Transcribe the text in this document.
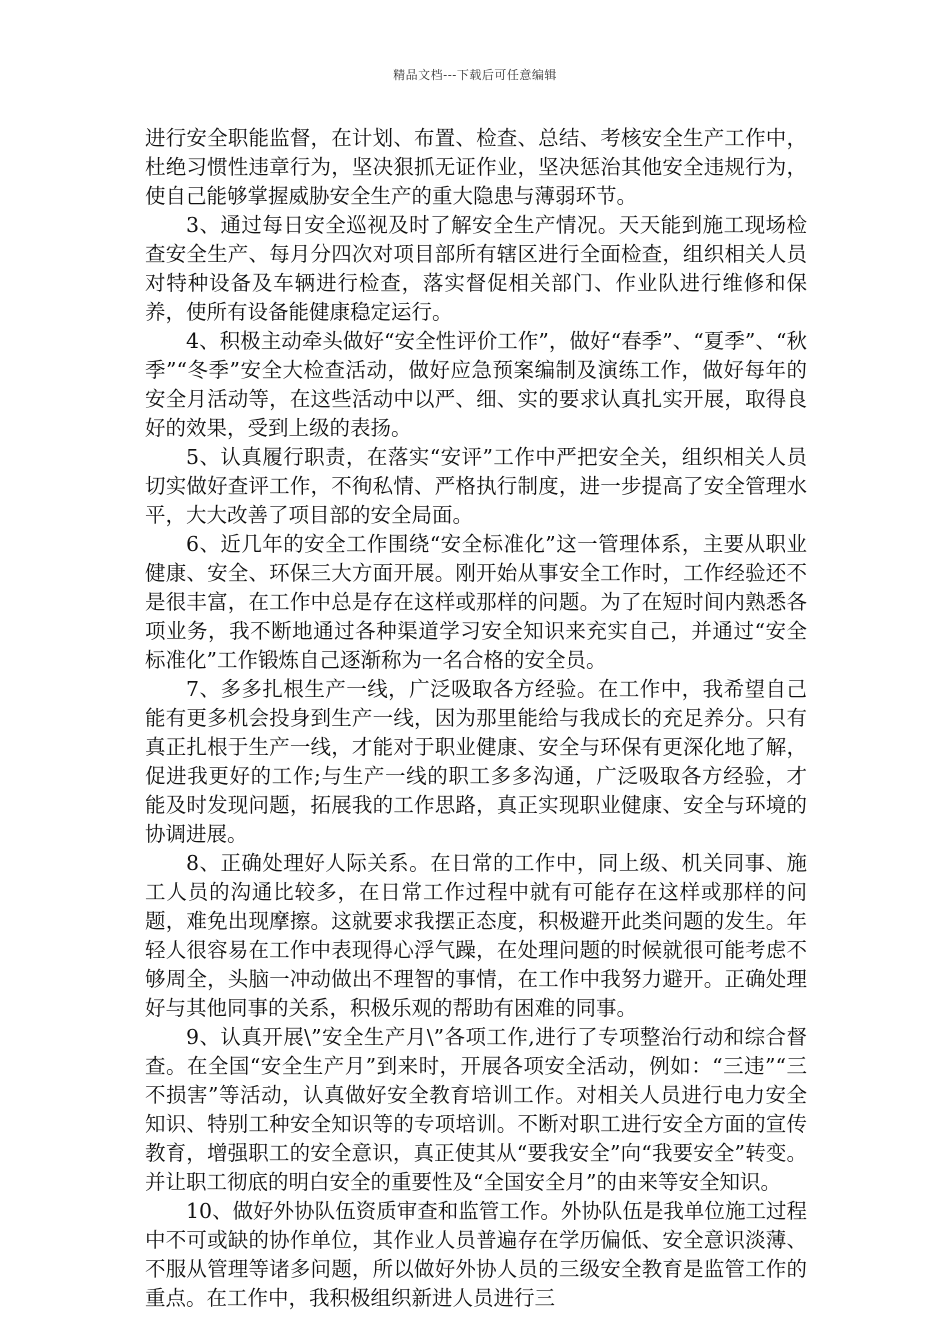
精品文档---下载后可任意编辑

进行安全职能监督，在计划、布置、检查、总结、考核安全生产工作中，杜绝习惯性违章行为，坚决狠抓无证作业，坚决惩治其他安全违规行为，使自己能够掌握威胁安全生产的重大隐患与薄弱环节。

3、通过每日安全巡视及时了解安全生产情况。天天能到施工现场检查安全生产、每月分四次对项目部所有辖区进行全面检查，组织相关人员对特种设备及车辆进行检查，落实督促相关部门、作业队进行维修和保养，使所有设备能健康稳定运行。

4、积极主动牵头做好“安全性评价工作”，做好“春季”、“夏季”、“秋季”“冬季”安全大检查活动，做好应急预案编制及演练工作，做好每年的安全月活动等，在这些活动中以严、细、实的要求认真扎实开展，取得良好的效果，受到上级的表扬。

5、认真履行职责，在落实“安评”工作中严把安全关，组织相关人员切实做好查评工作，不徇私情、严格执行制度，进一步提高了安全管理水平，大大改善了项目部的安全局面。

6、近几年的安全工作围绕“安全标准化”这一管理体系，主要从职业健康、安全、环保三大方面开展。刚开始从事安全工作时，工作经验还不是很丰富，在工作中总是存在这样或那样的问题。为了在短时间内熟悉各项业务，我不断地通过各种渠道学习安全知识来充实自己，并通过“安全标准化”工作锻炼自己逐渐称为一名合格的安全员。

7、多多扎根生产一线，广泛吸取各方经验。在工作中，我希望自己能有更多机会投身到生产一线，因为那里能给与我成长的充足养分。只有真正扎根于生产一线，才能对于职业健康、安全与环保有更深化地了解，促进我更好的工作;与生产一线的职工多多沟通，广泛吸取各方经验，才能及时发现问题，拓展我的工作思路，真正实现职业健康、安全与环境的协调进展。

8、正确处理好人际关系。在日常的工作中，同上级、机关同事、施工人员的沟通比较多，在日常工作过程中就有可能存在这样或那样的问题，难免出现摩擦。这就要求我摆正态度，积极避开此类问题的发生。年轻人很容易在工作中表现得心浮气躁，在处理问题的时候就很可能考虑不够周全，头脑一冲动做出不理智的事情，在工作中我努力避开。正确处理好与其他同事的关系，积极乐观的帮助有困难的同事。

9、认真开展\”安全生产月\”各项工作,进行了专项整治行动和综合督查。在全国“安全生产月”到来时，开展各项安全活动，例如：“三违”“三不损害”等活动，认真做好安全教育培训工作。对相关人员进行电力安全知识、特别工种安全知识等的专项培训。不断对职工进行安全方面的宣传教育，增强职工的安全意识，真正使其从“要我安全”向“我要安全”转变。并让职工彻底的明白安全的重要性及“全国安全月”的由来等安全知识。

10、做好外协队伍资质审查和监管工作。外协队伍是我单位施工过程中不可或缺的协作单位，其作业人员普遍存在学历偏低、安全意识淡薄、不服从管理等诸多问题，所以做好外协人员的三级安全教育是监管工作的重点。在工作中，我积极组织新进人员进行三
